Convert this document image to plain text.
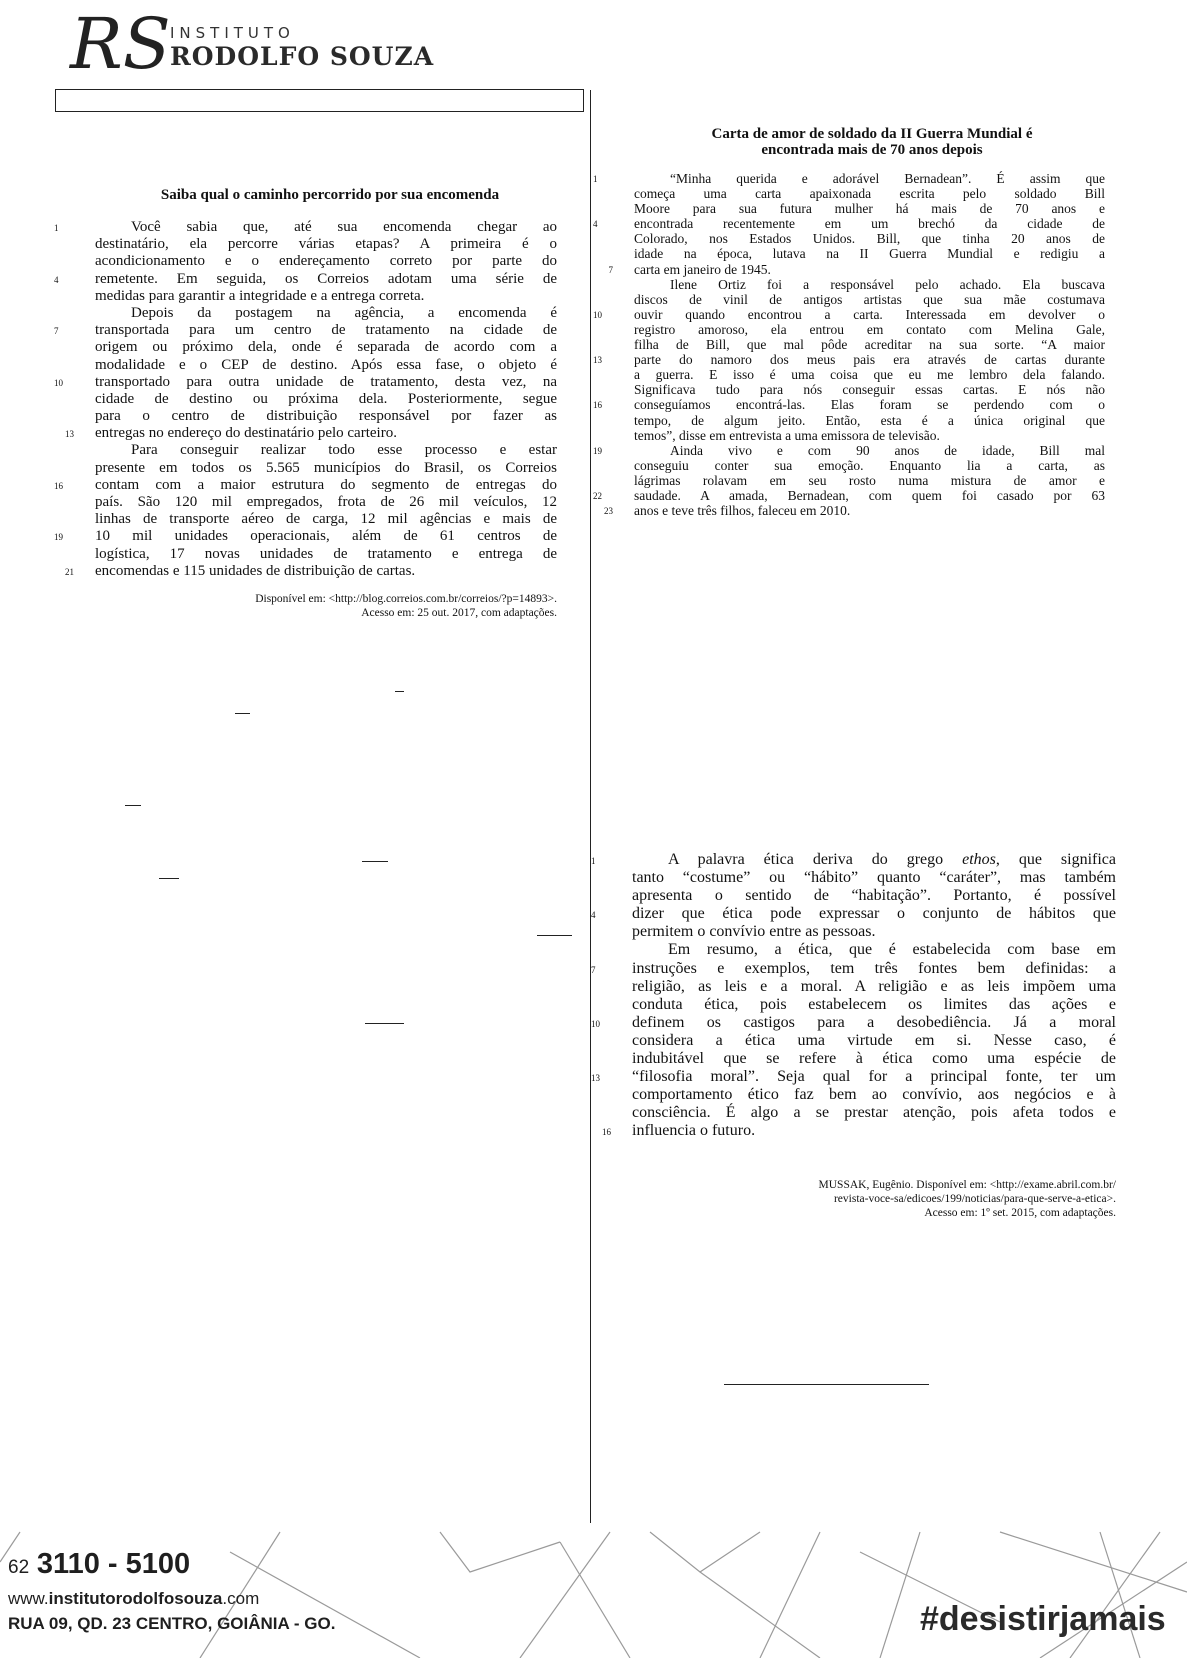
RS INSTITUTO
RODOLFO SOUZA
Saiba qual o caminho percorrido por sua encomenda
1	Você sabia que, até sua encomenda chegar ao
destinatário, ela percorre várias etapas? A primeira é o
acondicionamento e o endereçamento correto por parte do
4	remetente. Em seguida, os Correios adotam uma série de
medidas para garantir a integridade e a entrega correta.
Depois da postagem na agência, a encomenda é
7	transportada para um centro de tratamento na cidade de
origem ou próximo dela, onde é separada de acordo com a
modalidade e o CEP de destino. Após essa fase, o objeto é
10	transportado para outra unidade de tratamento, desta vez, na
cidade de destino ou próxima dela. Posteriormente, segue
para o centro de distribuição responsável por fazer as
13 entregas no endereço do destinatário pelo carteiro.
Para conseguir realizar todo esse processo e estar
presente em todos os 5.565 municípios do Brasil, os Correios
16	contam com a maior estrutura do segmento de entregas do
país. São 120 mil empregados, frota de 26 mil veículos, 12
linhas de transporte aéreo de carga, 12 mil agências e mais de
19	10 mil unidades operacionais, além de 61 centros de
logística, 17 novas unidades de tratamento e entrega de
21 encomendas e 115 unidades de distribuição de cartas.
Disponível em: <http://blog.correios.com.br/correios/?p=14893>.
Acesso em: 25 out. 2017, com adaptações.
Carta de amor de soldado da II Guerra Mundial é
encontrada mais de 70 anos depois
1	“Minha querida e adorável Bernadean”. É assim que
começa uma carta apaixonada escrita pelo soldado Bill
Moore para sua futura mulher há mais de 70 anos e
4	encontrada recentemente em um brechó da cidade de
Colorado, nos Estados Unidos. Bill, que tinha 20 anos de
idade na época, lutava na II Guerra Mundial e redigiu a
7 carta em janeiro de 1945.
Ilene Ortiz foi a responsável pelo achado. Ela buscava
discos de vinil de antigos artistas que sua mãe costumava
10	ouvir quando encontrou a carta. Interessada em devolver o
registro amoroso, ela entrou em contato com Melina Gale,
filha de Bill, que mal pôde acreditar na sua sorte. “A maior
13	parte do namoro dos meus pais era através de cartas durante
a guerra. E isso é uma coisa que eu me lembro dela falando.
Significava tudo para nós conseguir essas cartas. E nós não
16	conseguíamos encontrá-las. Elas foram se perdendo com o
tempo, de algum jeito. Então, esta é a única original que
temos”, disse em entrevista a uma emissora de televisão.
19	Ainda vivo e com 90 anos de idade, Bill mal
conseguiu conter sua emoção. Enquanto lia a carta, as
lágrimas rolavam em seu rosto numa mistura de amor e
22	saudade. A amada, Bernadean, com quem foi casado por 63
23 anos e teve três filhos, faleceu em 2010.
1	A palavra ética deriva do grego ethos, que significa
tanto “costume” ou “hábito” quanto “caráter”, mas também
apresenta o sentido de “habitação”. Portanto, é possível
4	dizer que ética pode expressar o conjunto de hábitos que
permitem o convívio entre as pessoas.
Em resumo, a ética, que é estabelecida com base em
7	instruções e exemplos, tem três fontes bem definidas: a
religião, as leis e a moral. A religião e as leis impõem uma
conduta ética, pois estabelecem os limites das ações e
10	definem os castigos para a desobediência. Já a moral
considera a ética uma virtude em si. Nesse caso, é
indubitável que se refere à ética como uma espécie de
13	“filosofia moral”. Seja qual for a principal fonte, ter um
comportamento ético faz bem ao convívio, aos negócios e à
consciência. É algo a se prestar atenção, pois afeta todos e
16 influencia o futuro.
MUSSAK, Eugênio. Disponível em: <http://exame.abril.com.br/
revista-voce-sa/edicoes/199/noticias/para-que-serve-a-etica>.
Acesso em: 1º set. 2015, com adaptações.
62 3110 - 5100
www.institutorodolfosouza.com
RUA 09, QD. 23 CENTRO, GOIÂNIA - GO.	#desistirjamais
